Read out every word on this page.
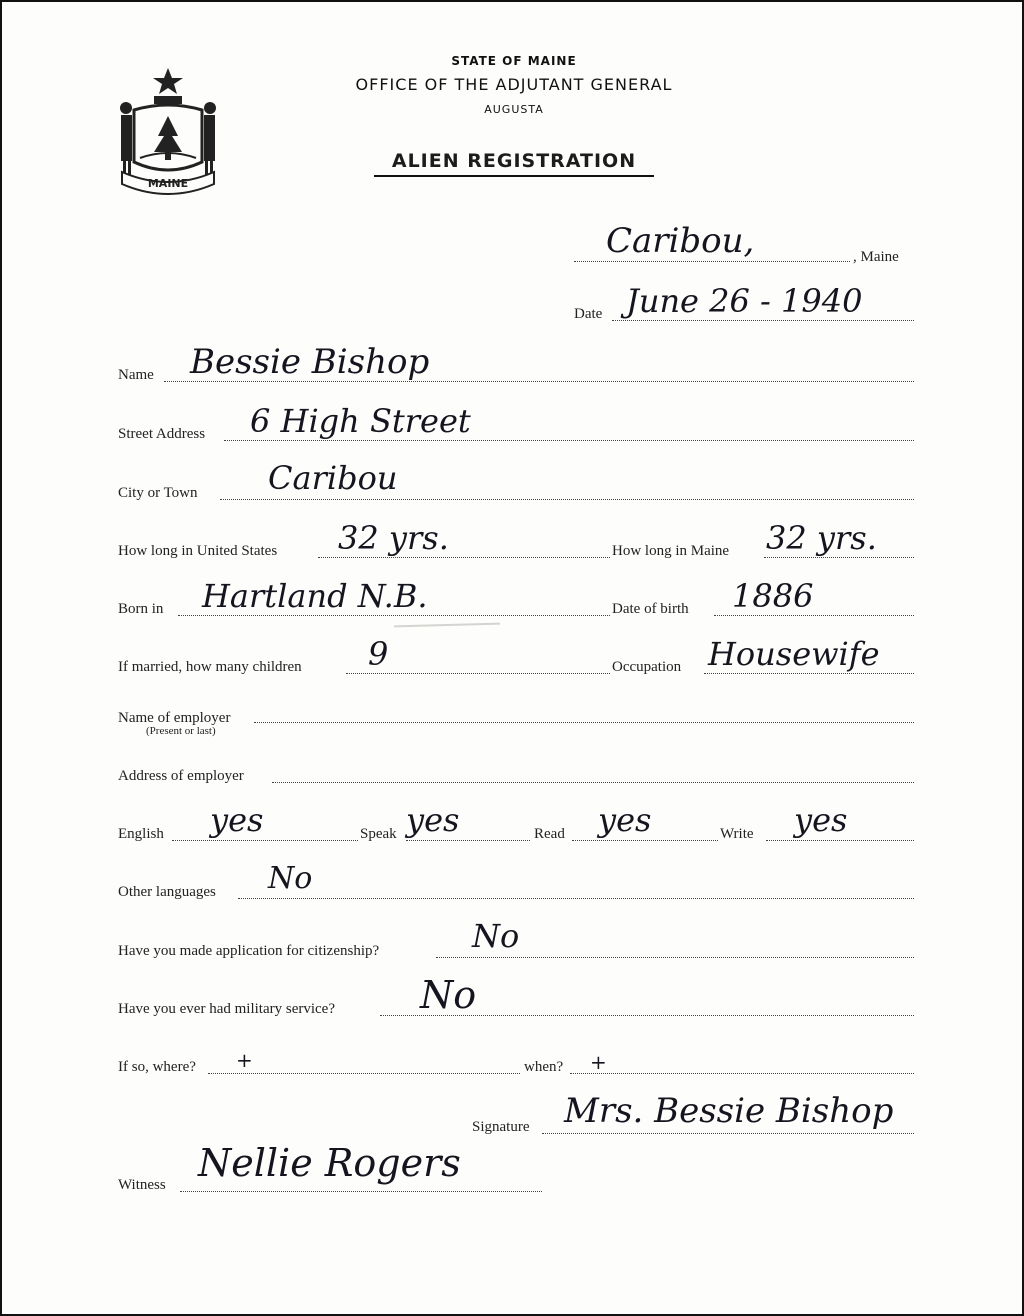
MAINE
STATE OF MAINE
OFFICE OF THE ADJUTANT GENERAL
AUGUSTA
ALIEN REGISTRATION
Caribou,	, Maine
Date June 26 - 1940
Name Bessie Bishop
Street Address 6 High Street
City or Town Caribou
How long in United States 32 yrs.	How long in Maine 32 yrs.
Born in Hartland N.B.	Date of birth 1886
If married, how many children 9	Occupation Housewife
Name of employer
(Present or last)
Address of employer
English yes	Speak yes	Read yes	Write yes
Other languages No
Have you made application for citizenship?	No
Have you ever had military service? No
If so, where? +	when? +
Signature Mrs. Bessie Bishop
Witness Nellie Rogers
